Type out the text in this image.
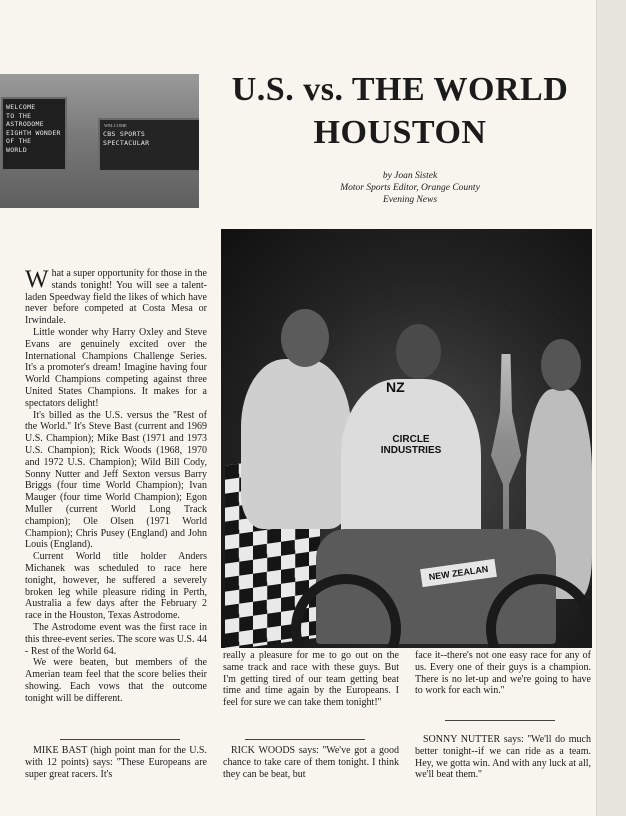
WELCOME
TO THE
ASTRODOME
EIGHTH WONDER
OF THE
WORLD
WELCOME
CBS SPORTS
SPECTACULAR
U.S. vs. THE WORLD
HOUSTON
by Joan Sistek
Motor Sports Editor, Orange County
Evening News
NZ
CIRCLE
INDUSTRIES
NEW ZEALAN

What a super opportunity for those in the stands tonight! You will see a talent-laden Speedway field the likes of which have never before competed at Costa Mesa or Irwindale.

Little wonder why Harry Oxley and Steve Evans are genuinely excited over the International Champions Challenge Series. It's a promoter's dream! Imagine having four World Champions competing against three United States Champions. It makes for a spectators delight!

It's billed as the U.S. versus the ''Rest of the World.'' It's Steve Bast (current and 1969 U.S. Champion); Mike Bast (1971 and 1973 U.S. Champion); Rick Woods (1968, 1970 and 1972 U.S. Champion); Wild Bill Cody, Sonny Nutter and Jeff Sexton versus Barry Briggs (four time World Champion); Ivan Mauger (four time World Champion); Egon Muller (current World Long Track champion); Ole Olsen (1971 World Champion); Chris Pusey (England) and John Louis (England).

Current World title holder Anders Michanek was scheduled to race here tonight, however, he suffered a severely broken leg while pleasure riding in Perth, Australia a few days after the February 2 race in the Houston, Texas Astrodome.

The Astrodome event was the first race in this three-event series. The score was U.S. 44 - Rest of the World 64.

We were beaten, but members of the Amerian team feel that the score belies their showing. Each vows that the outcome tonight will be different.

MIKE BAST (high point man for the U.S. with 12 points) says: ''These Europeans are super great racers. It's

really a pleasure for me to go out on the same track and race with these guys. But I'm getting tired of our team getting beat time and time again by the Europeans. I feel for sure we can take them tonight!''

RICK WOODS says: ''We've got a good chance to take care of them tonight. I think they can be beat, but

face it--there's not one easy race for any of us. Every one of their guys is a champion. There is no let-up and we're going to have to work for each win.''

SONNY NUTTER says: ''We'll do much better tonight--if we can ride as a team. Hey, we gotta win. And with any luck at all, we'll beat them.''
